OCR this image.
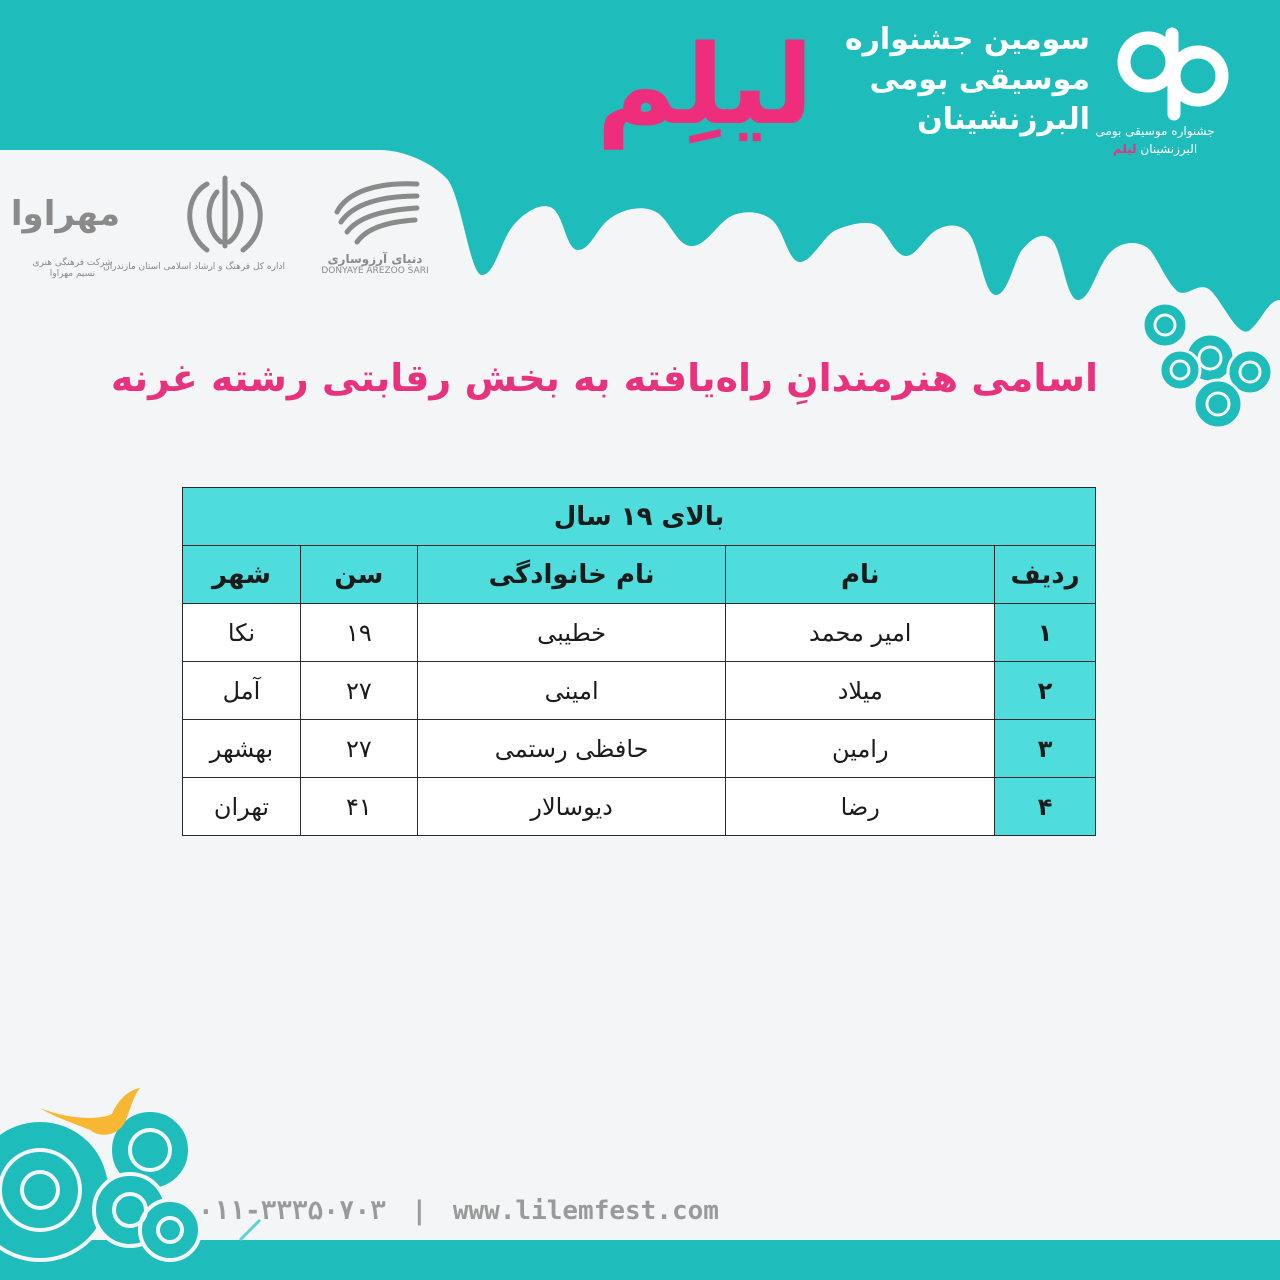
سومین جشنواره
موسیقی بومی
البرزنشینان
لیلِم	جشنواره موسیقی بومی
البرزنشینان لیلم
دنیای آرزوساری
DONYAYE AREZOO SARI
اداره کل فرهنگ و ارشاد اسلامی استان مازندران
مهراوا
شرکت فرهنگی هنری نسیم مهراوا
اسامی هنرمندانِ راه‌یافته به بخش رقابتی رشته غرنه
بالای ۱۹ سال				
ردیف	نام	نام خانوادگی	سن	شهر
۱	امیر محمد	خطیبی	۱۹	نکا
۲	میلاد	امینی	۲۷	آمل
۳	رامین	حافظی رستمی	۲۷	بهشهر
۴	رضا	دیوسالار	۴۱	تهران
۰۱۱-۳۳۳۵۰۷۰۳ | www.lilemfest.com
